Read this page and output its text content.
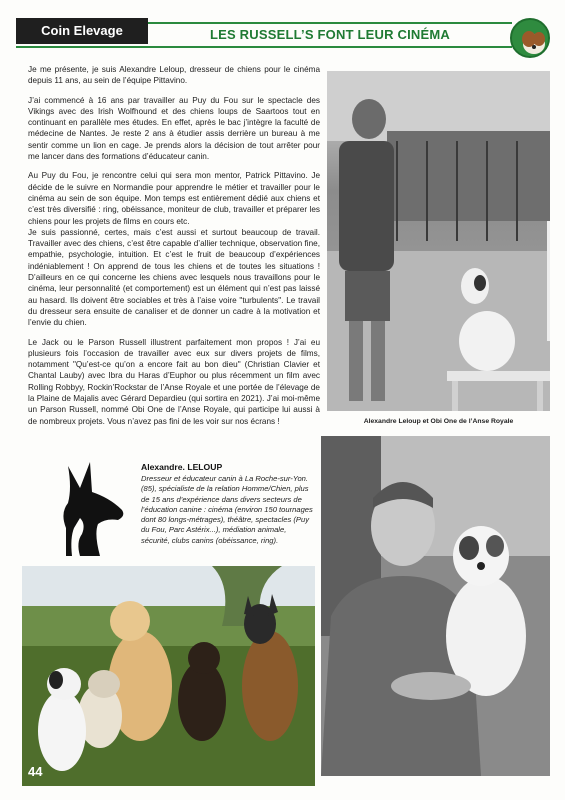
Coin Elevage	LES RUSSELL’S FONT LEUR CINÉMA

Je me présente, je suis Alexandre Leloup, dresseur de chiens pour le cinéma depuis 11 ans, au sein de l’équipe Pittavino.

J’ai commencé à 16 ans par travailler au Puy du Fou sur le spectacle des Vikings avec des Irish Wolfhound et des chiens loups de Saartoos tout en continuant en parallèle mes études. En effet, après le bac j’intègre la faculté de médecine de Nantes. Je reste 2 ans à étudier assis derrière un bureau à me sentir comme un lion en cage. Je prends alors la décision de tout arrêter pour me lancer dans des formations d’éducateur canin.

Au Puy du Fou, je rencontre celui qui sera mon mentor, Patrick Pittavino. Je décide de le suivre en Normandie pour apprendre le métier et travailler pour le cinéma au sein de son équipe. Mon temps est entièrement dédié aux chiens et c’est très diversifié : ring, obéissance, moniteur de club, travailler et préparer les chiens pour les projets de films en cours etc.

Je suis passionné, certes, mais c’est aussi et surtout beaucoup de travail. Travailler avec des chiens, c’est être capable d’allier technique, observation fine, empathie, psychologie, intuition. Et c’est le fruit de beaucoup d’expériences indéniablement ! On apprend de tous les chiens et de toutes les situations ! D’ailleurs en ce qui concerne les chiens avec lesquels nous travaillons pour le cinéma, leur personnalité (et comportement) est un élément qui n’est pas laissé au hasard. Ils doivent être sociables et très à l’aise voire "turbulents". Le travail du dresseur sera ensuite de canaliser et de donner un cadre à la motivation et l’envie du chien.

Le Jack ou le Parson Russell illustrent parfaitement mon propos ! J’ai eu plusieurs fois l’occasion de travailler avec eux sur divers projets de films, notamment "Qu’est-ce qu’on a encore fait au bon dieu" (Christian Clavier et Chantal Lauby) avec Ibra du Haras d’Euphor ou plus récemment un film avec Rolling Robbyy, Rockin’Rockstar de l’Anse Royale et une portée de l’élevage de la Plaine de Majalis avec Gérard Depardieu (qui sortira en 2021). J’ai moi-même un Parson Russell, nommé Obi One de l’Anse Royale, qui participe lui aussi à de nombreux projets. Vous n’avez pas fini de les voir sur nos écrans !	Alexandre Leloup et Obi One de l’Anse Royale
Alexandre. LELOUP
Dresseur et éducateur canin à La Roche-sur-Yon. (85), spécialiste de la relation Homme/Chien, plus de 15 ans d’expérience dans divers secteurs de l’éducation canine : cinéma (environ 150 tournages dont 80 longs-métrages), théâtre, spectacles (Puy du Fou, Parc Astérix...), médiation animale, sécurité, clubs canins (obéissance, ring).
44
